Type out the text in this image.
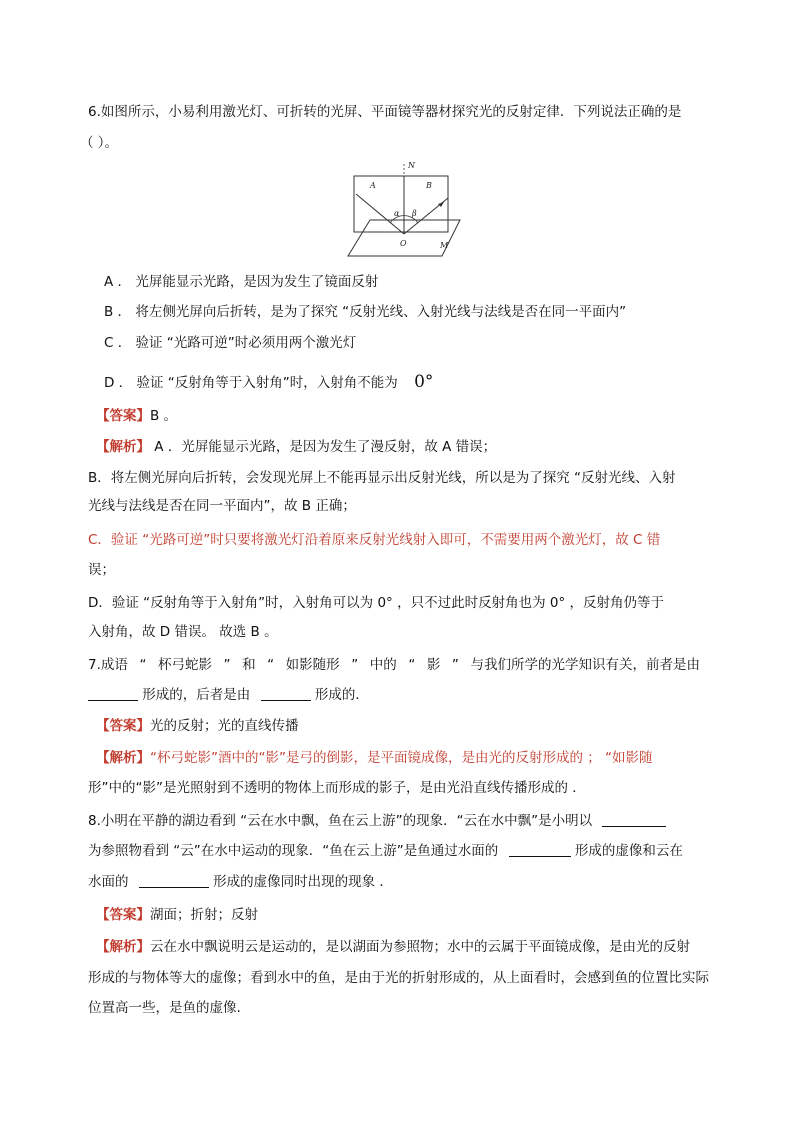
6.如图所示，小易利用激光灯、可折转的光屏、平面镜等器材探究光的反射定律．下列说法正确的是
（ ）。
N
A	B
α β
O	M
A ． 光屏能显示光路，是因为发生了镜面反射
B ． 将左侧光屏向后折转，是为了探究 “反射光线、入射光线与法线是否在同一平面内”
C ． 验证 “光路可逆”时必须用两个激光灯
D ． 验证 “反射角等于入射角”时，入射角不能为 0°
【答案】B 。
【解析】 A ．光屏能显示光路，是因为发生了漫反射，故 A 错误；
B．将左侧光屏向后折转，会发现光屏上不能再显示出反射光线，所以是为了探究 “反射光线、入射
光线与法线是否在同一平面内”，故 B 正确；
C．验证 “光路可逆”时只要将激光灯沿着原来反射光线射入即可，不需要用两个激光灯，故 C 错
误；
D．验证 “反射角等于入射角”时，入射角可以为 0° ，只不过此时反射角也为 0° ，反射角仍等于
入射角，故 D 错误。 故选 B 。
7.成语 “ 杯弓蛇影 ” 和 “ 如影随形 ” 中的 “ 影 ” 与我们所学的光学知识有关，前者是由
形成的，后者是由	形成的．
【答案】光的反射；光的直线传播
【解析】“杯弓蛇影”酒中的“影”是弓的倒影，是平面镜成像，是由光的反射形成的 ； “如影随
形”中的“影”是光照射到不透明的物体上而形成的影子，是由光沿直线传播形成的 ．
8.小明在平静的湖边看到 “云在水中飘，鱼在云上游”的现象．“云在水中飘”是小明以
为参照物看到 “云”在水中运动的现象．“鱼在云上游”是鱼通过水面的	形成的虚像和云在
水面的	形成的虚像同时出现的现象 ．
【答案】湖面；折射；反射
【解析】云在水中飘说明云是运动的，是以湖面为参照物；水中的云属于平面镜成像，是由光的反射
形成的与物体等大的虚像；看到水中的鱼，是由于光的折射形成的，从上面看时，会感到鱼的位置比实际
位置高一些，是鱼的虚像.
